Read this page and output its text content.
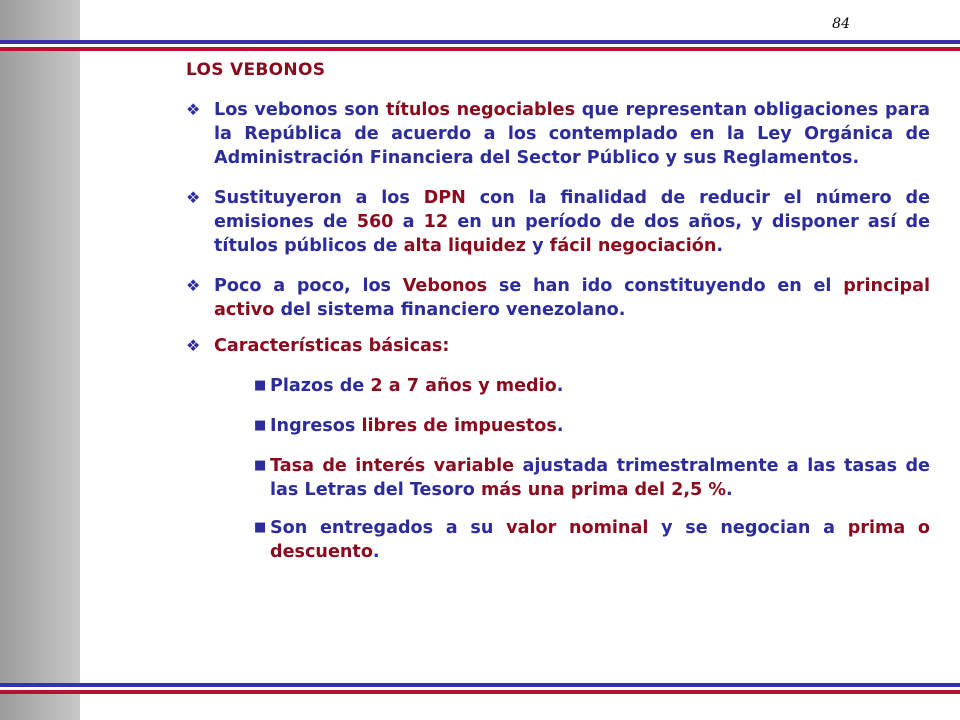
84
LOS VEBONOS

❖ Los vebonos son títulos negociables que representan obligaciones para la República de acuerdo a los contemplado en la Ley Orgánica de Administración Financiera del Sector Público y sus Reglamentos.

❖ Sustituyeron a los DPN con la finalidad de reducir el número de emisiones de 560 a 12 en un período de dos años, y disponer así de títulos públicos de alta liquidez y fácil negociación.

❖ Poco a poco, los Vebonos se han ido constituyendo en el principal activo del sistema financiero venezolano.

❖ Características básicas:

■ Plazos de 2 a 7 años y medio.

■ Ingresos libres de impuestos.

■ Tasa de interés variable ajustada trimestralmente a las tasas de las Letras del Tesoro más una prima del 2,5 %.

■ Son entregados a su valor nominal y se negocian a prima o descuento.
